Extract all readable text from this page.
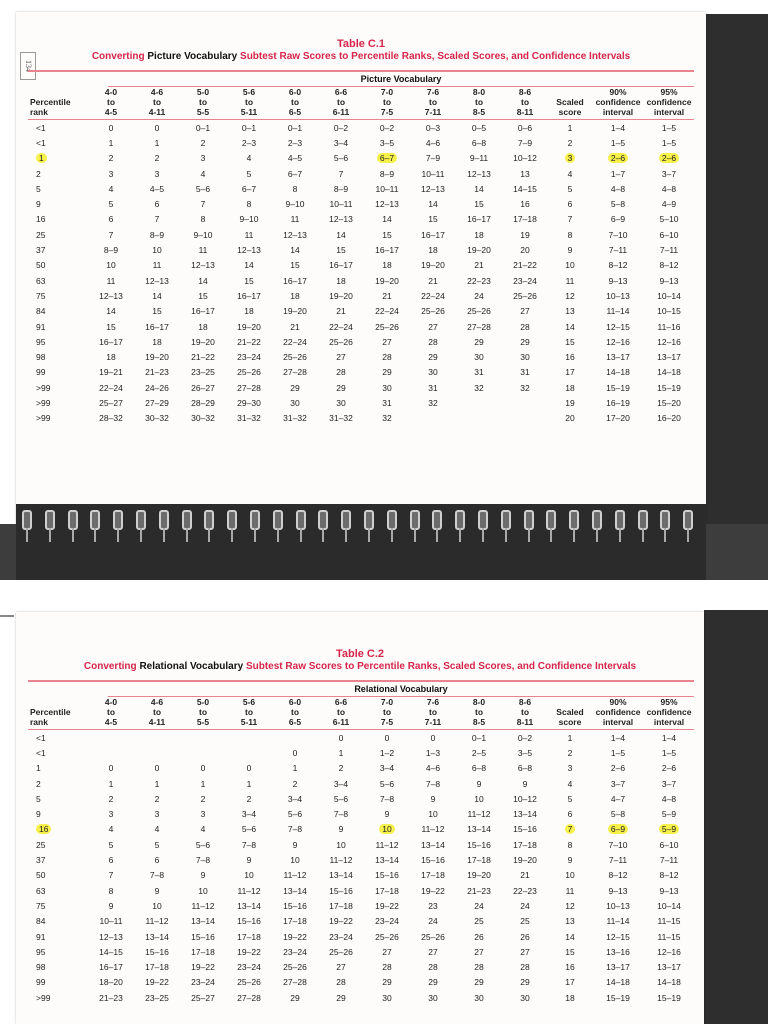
134
Table C.1
Converting Picture Vocabulary Subtest Raw Scores to Percentile Ranks, Scaled Scores, and Confidence Intervals
Picture Vocabulary
Percentile
rank	4-0
to
4-5	4-6
to
4-11	5-0
to
5-5	5-6
to
5-11	6-0
to
6-5	6-6
to
6-11	7-0
to
7-5	7-6
to
7-11	8-0
to
8-5	8-6
to
8-11	Scaled
score	90%
confidence
interval	95%
confidence
interval
<1	0	0	0–1	0–1	0–1	0–2	0–2	0–3	0–5	0–6	1	1–4	1–5
<1	1	1	2	2–3	2–3	3–4	3–5	4–6	6–8	7–9	2	1–5	1–5
1	2	2	3	4	4–5	5–6	6–7	7–9	9–11	10–12	3	2–6	2–6
2	3	3	4	5	6–7	7	8–9	10–11	12–13	13	4	1–7	3–7
5	4	4–5	5–6	6–7	8	8–9	10–11	12–13	14	14–15	5	4–8	4–8
9	5	6	7	8	9–10	10–11	12–13	14	15	16	6	5–8	4–9
16	6	7	8	9–10	11	12–13	14	15	16–17	17–18	7	6–9	5–10
25	7	8–9	9–10	11	12–13	14	15	16–17	18	19	8	7–10	6–10
37	8–9	10	11	12–13	14	15	16–17	18	19–20	20	9	7–11	7–11
50	10	11	12–13	14	15	16–17	18	19–20	21	21–22	10	8–12	8–12
63	11	12–13	14	15	16–17	18	19–20	21	22–23	23–24	11	9–13	9–13
75	12–13	14	15	16–17	18	19–20	21	22–24	24	25–26	12	10–13	10–14
84	14	15	16–17	18	19–20	21	22–24	25–26	25–26	27	13	11–14	10–15
91	15	16–17	18	19–20	21	22–24	25–26	27	27–28	28	14	12–15	11–16
95	16–17	18	19–20	21–22	22–24	25–26	27	28	29	29	15	12–16	12–16
98	18	19–20	21–22	23–24	25–26	27	28	29	30	30	16	13–17	13–17
99	19–21	21–23	23–25	25–26	27–28	28	29	30	31	31	17	14–18	14–18
>99	22–24	24–26	26–27	27–28	29	29	30	31	32	32	18	15–19	15–19
>99	25–27	27–29	28–29	29–30	30	30	31	32			19	16–19	15–20
>99	28–32	30–32	30–32	31–32	31–32	31–32	32				20	17–20	16–20
Table C.2
Converting Relational Vocabulary Subtest Raw Scores to Percentile Ranks, Scaled Scores, and Confidence Intervals
Relational Vocabulary
Percentile
rank	4-0
to
4-5	4-6
to
4-11	5-0
to
5-5	5-6
to
5-11	6-0
to
6-5	6-6
to
6-11	7-0
to
7-5	7-6
to
7-11	8-0
to
8-5	8-6
to
8-11	Scaled
score	90%
confidence
interval	95%
confidence
interval
<1						0	0	0	0–1	0–2	1	1–4	1–4
<1					0	1	1–2	1–3	2–5	3–5	2	1–5	1–5
1	0	0	0	0	1	2	3–4	4–6	6–8	6–8	3	2–6	2–6
2	1	1	1	1	2	3–4	5–6	7–8	9	9	4	3–7	3–7
5	2	2	2	2	3–4	5–6	7–8	9	10	10–12	5	4–7	4–8
9	3	3	3	3–4	5–6	7–8	9	10	11–12	13–14	6	5–8	5–9
16	4	4	4	5–6	7–8	9	10	11–12	13–14	15–16	7	6–9	5–9
25	5	5	5–6	7–8	9	10	11–12	13–14	15–16	17–18	8	7–10	6–10
37	6	6	7–8	9	10	11–12	13–14	15–16	17–18	19–20	9	7–11	7–11
50	7	7–8	9	10	11–12	13–14	15–16	17–18	19–20	21	10	8–12	8–12
63	8	9	10	11–12	13–14	15–16	17–18	19–22	21–23	22–23	11	9–13	9–13
75	9	10	11–12	13–14	15–16	17–18	19–22	23	24	24	12	10–13	10–14
84	10–11	11–12	13–14	15–16	17–18	19–22	23–24	24	25	25	13	11–14	11–15
91	12–13	13–14	15–16	17–18	19–22	23–24	25–26	25–26	26	26	14	12–15	11–15
95	14–15	15–16	17–18	19–22	23–24	25–26	27	27	27	27	15	13–16	12–16
98	16–17	17–18	19–22	23–24	25–26	27	28	28	28	28	16	13–17	13–17
99	18–20	19–22	23–24	25–26	27–28	28	29	29	29	29	17	14–18	14–18
>99	21–23	23–25	25–27	27–28	29	29	30	30	30	30	18	15–19	15–19
